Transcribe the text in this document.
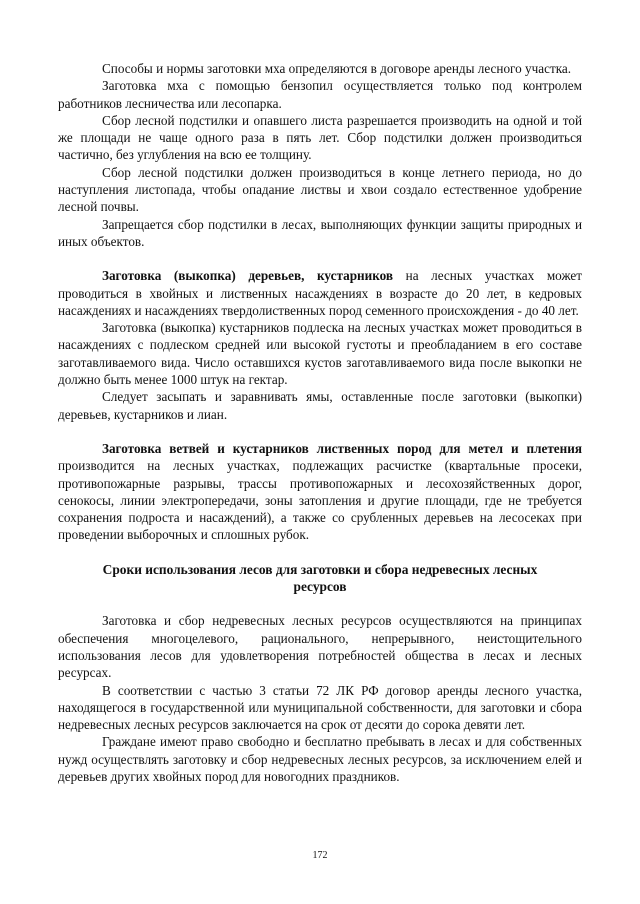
Способы и нормы заготовки мха определяются в договоре аренды лесного участка.

Заготовка мха с помощью бензопил осуществляется только под контролем работников лесничества или лесопарка.

Сбор лесной подстилки и опавшего листа разрешается производить на одной и той же площади не чаще одного раза в пять лет. Сбор подстилки должен производиться частично, без углубления на всю ее толщину.

Сбор лесной подстилки должен производиться в конце летнего периода, но до наступления листопада, чтобы опадание листвы и хвои создало естественное удобрение лесной почвы.

Запрещается сбор подстилки в лесах, выполняющих функции защиты природных и иных объектов.

Заготовка (выкопка) деревьев, кустарников на лесных участках может проводиться в хвойных и лиственных насаждениях в возрасте до 20 лет, в кедровых насаждениях и насаждениях твердолиственных пород семенного происхождения - до 40 лет.

Заготовка (выкопка) кустарников подлеска на лесных участках может проводиться в насаждениях с подлеском средней или высокой густоты и преобладанием в его составе заготавливаемого вида. Число оставшихся кустов заготавливаемого вида после выкопки не должно быть менее 1000 штук на гектар.

Следует засыпать и заравнивать ямы, оставленные после заготовки (выкопки) деревьев, кустарников и лиан.

Заготовка ветвей и кустарников лиственных пород для метел и плетения производится на лесных участках, подлежащих расчистке (квартальные просеки, противопожарные разрывы, трассы противопожарных и лесохозяйственных дорог, сенокосы, линии электропередачи, зоны затопления и другие площади, где не требуется сохранения подроста и насаждений), а также со срубленных деревьев на лесосеках при проведении выборочных и сплошных рубок.

Сроки использования лесов для заготовки и сбора недревесных лесных ресурсов

Заготовка и сбор недревесных лесных ресурсов осуществляются на принципах обеспечения многоцелевого, рационального, непрерывного, неистощительного использования лесов для удовлетворения потребностей общества в лесах и лесных ресурсах.

В соответствии с частью 3 статьи 72 ЛК РФ договор аренды лесного участка, находящегося в государственной или муниципальной собственности, для заготовки и сбора недревесных лесных ресурсов заключается на срок от десяти до сорока девяти лет.

Граждане имеют право свободно и бесплатно пребывать в лесах и для собственных нужд осуществлять заготовку и сбор недревесных лесных ресурсов, за исключением елей и деревьев других хвойных пород для новогодних праздников.

172
